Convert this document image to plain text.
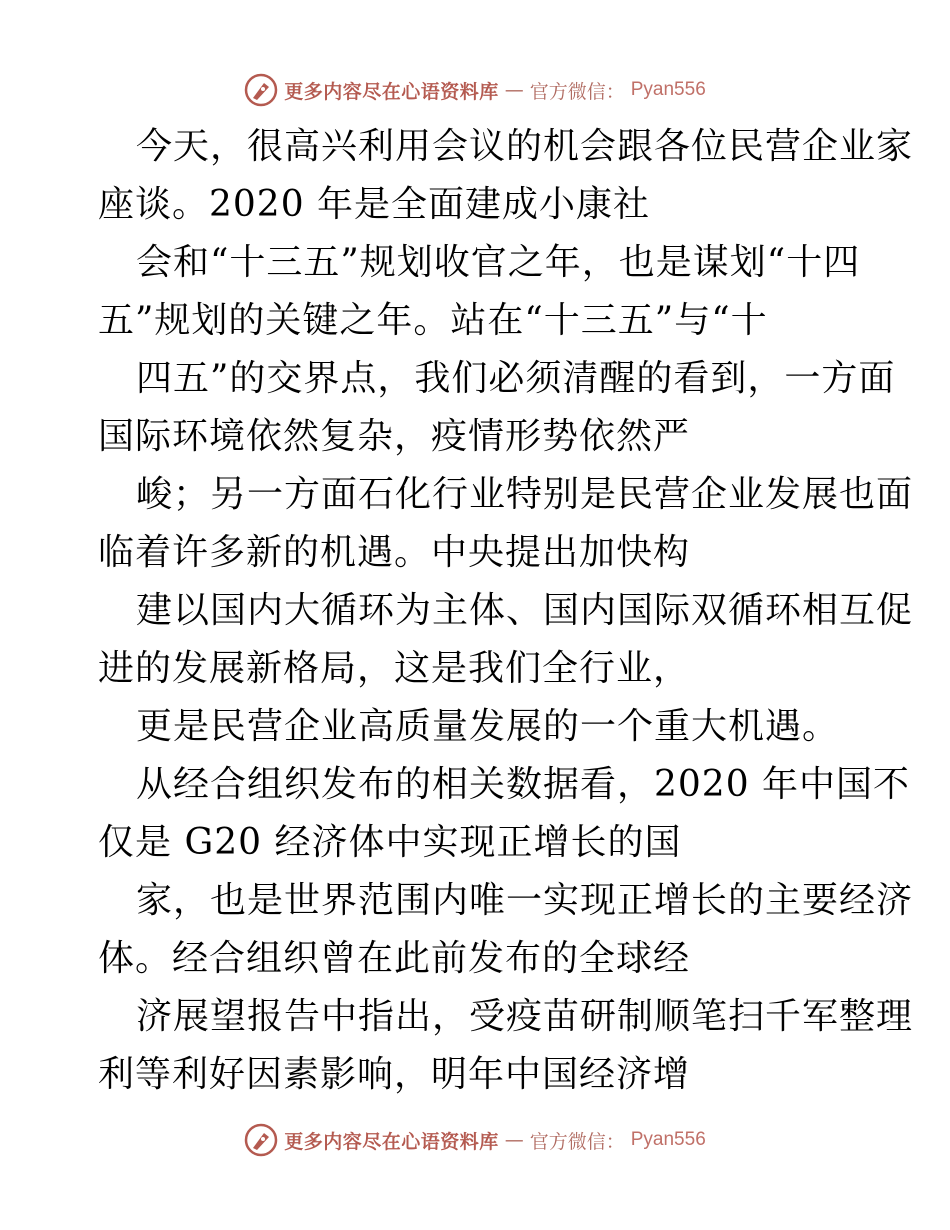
更多内容尽在心语资料库 — 官方微信： Pyan556
今天，很高兴利用会议的机会跟各位民营企业家
座谈。2020 年是全面建成小康社
会和“十三五”规划收官之年，也是谋划“十四
五”规划的关键之年。站在“十三五”与“十
四五”的交界点，我们必须清醒的看到，一方面
国际环境依然复杂，疫情形势依然严
峻；另一方面石化行业特别是民营企业发展也面
临着许多新的机遇。中央提出加快构
建以国内大循环为主体、国内国际双循环相互促
进的发展新格局，这是我们全行业，
更是民营企业高质量发展的一个重大机遇。
从经合组织发布的相关数据看，2020 年中国不
仅是 G20 经济体中实现正增长的国
家，也是世界范围内唯一实现正增长的主要经济
体。经合组织曾在此前发布的全球经
济展望报告中指出，受疫苗研制顺笔扫千军整理
利等利好因素影响，明年中国经济增
更多内容尽在心语资料库 — 官方微信： Pyan556
